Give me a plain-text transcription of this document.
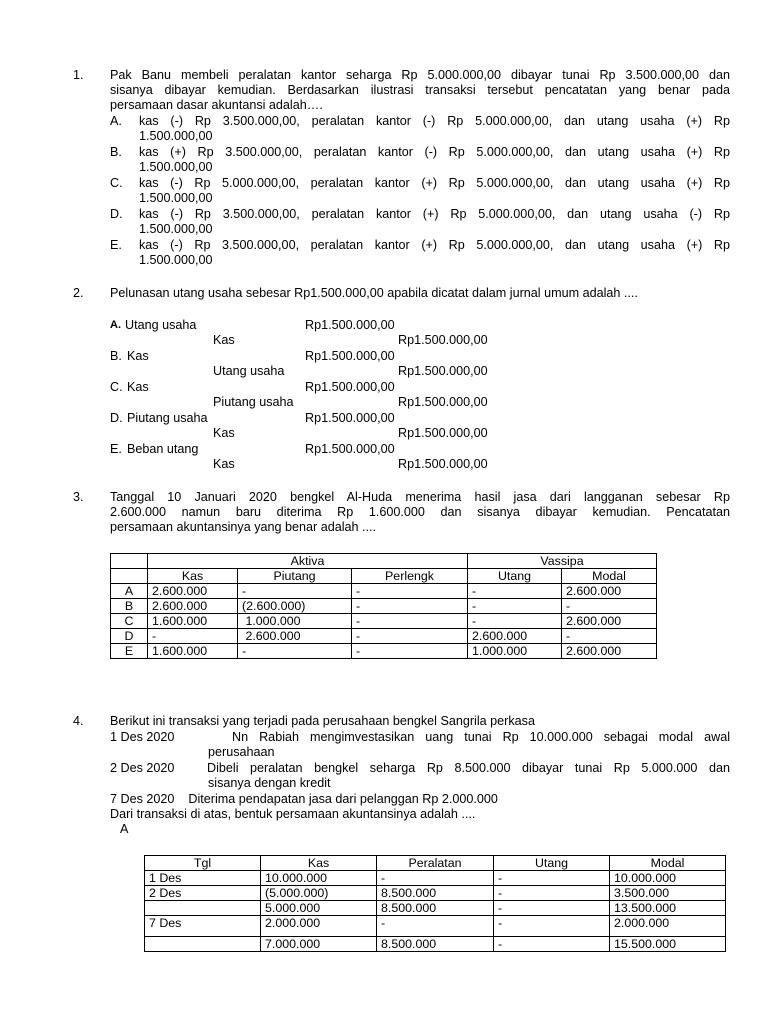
1. Pak Banu membeli peralatan kantor seharga Rp 5.000.000,00 dibayar tunai Rp 3.500.000,00 dan
sisanya dibayar kemudian. Berdasarkan ilustrasi transaksi tersebut pencatatan yang benar pada
persamaan dasar akuntansi adalah….
A. kas (-) Rp 3.500.000,00, peralatan kantor (-) Rp 5.000.000,00, dan utang usaha (+) Rp
1.500.000,00
B. kas (+) Rp 3.500.000,00, peralatan kantor (-) Rp 5.000.000,00, dan utang usaha (+) Rp
1.500.000,00
C. kas (-) Rp 5.000.000,00, peralatan kantor (+) Rp 5.000.000,00, dan utang usaha (+) Rp
1.500.000,00
D. kas (-) Rp 3.500.000,00, peralatan kantor (+) Rp 5.000.000,00, dan utang usaha (-) Rp
1.500.000,00
E. kas (-) Rp 3.500.000,00, peralatan kantor (+) Rp 5.000.000,00, dan utang usaha (+) Rp
1.500.000,00
2. Pelunasan utang usaha sebesar Rp1.500.000,00 apabila dicatat dalam jurnal umum adalah ....
A. Utang usaha	Rp1.500.000,00
Kas	Rp1.500.000,00
B. Kas	Rp1.500.000,00
Utang usaha	Rp1.500.000,00
C. Kas	Rp1.500.000,00
Piutang usaha	Rp1.500.000,00
D. Piutang usaha	Rp1.500.000,00
Kas	Rp1.500.000,00
E. Beban utang	Rp1.500.000,00
Kas	Rp1.500.000,00
3. Tanggal 10 Januari 2020 bengkel Al-Huda menerima hasil jasa dari langganan sebesar Rp
2.600.000 namun baru diterima Rp 1.600.000 dan sisanya dibayar kemudian. Pencatatan
persamaan akuntansinya yang benar adalah ....
	Aktiva			Vassipa	
	Kas	Piutang	Perlengk	Utang	Modal
A	2.600.000	-	-	-	2.600.000
B	2.600.000	(2.600.000)	-	-	-
C	1.600.000	1.000.000	-	-	2.600.000
D	-	2.600.000	-	2.600.000	-
E	1.600.000	-	-	1.000.000	2.600.000
4. Berikut ini transaksi yang terjadi pada perusahaan bengkel Sangrila perkasa
1 Des 2020	Nn Rabiah mengimvestasikan uang tunai Rp 10.000.000 sebagai modal awal
perusahaan
2 Des 2020	Dibeli peralatan bengkel seharga Rp 8.500.000 dibayar tunai Rp 5.000.000 dan
sisanya dengan kredit
7 Des 2020    Diterima pendapatan jasa dari pelanggan Rp 2.000.000
Dari transaksi di atas, bentuk persamaan akuntansinya adalah ....
A
Tgl	Kas	Peralatan	Utang	Modal
1 Des	10.000.000	-	-	10.000.000
2 Des	(5.000.000)	8.500.000	-	3.500.000
	5.000.000	8.500.000	-	13.500.000
7 Des	2.000.000	-	-	2.000.000
	7.000.000	8.500.000	-	15.500.000
